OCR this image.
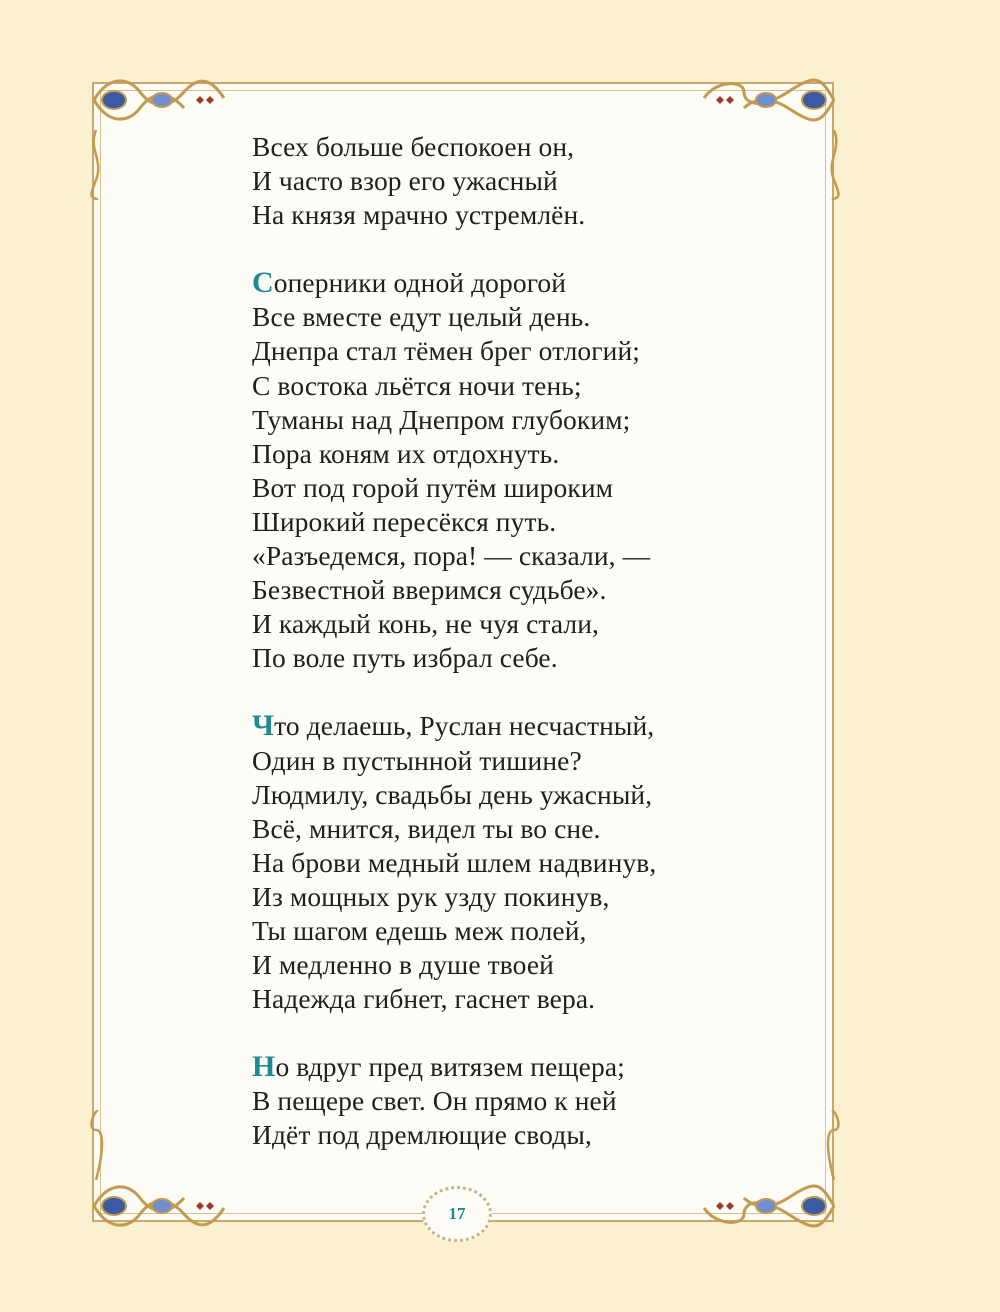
Всех больше беспокоен он,
И часто взор его ужасный
На князя мрачно устремлён.
Соперники одной дорогой
Все вместе едут целый день.
Днепра стал тёмен брег отлогий;
С востока льётся ночи тень;
Туманы над Днепром глубоким;
Пора коням их отдохнуть.
Вот под горой путём широким
Широкий пересёкся путь.
«Разъедемся, пора! — сказали, —
Безвестной вверимся судьбе».
И каждый конь, не чуя стали,
По воле путь избрал себе.
Что делаешь, Руслан несчастный,
Один в пустынной тишине?
Людмилу, свадьбы день ужасный,
Всё, мнится, видел ты во сне.
На брови медный шлем надвинув,
Из мощных рук узду покинув,
Ты шагом едешь меж полей,
И медленно в душе твоей
Надежда гибнет, гаснет вера.
Но вдруг пред витязем пещера;
В пещере свет. Он прямо к ней
Идёт под дремлющие своды,
17
